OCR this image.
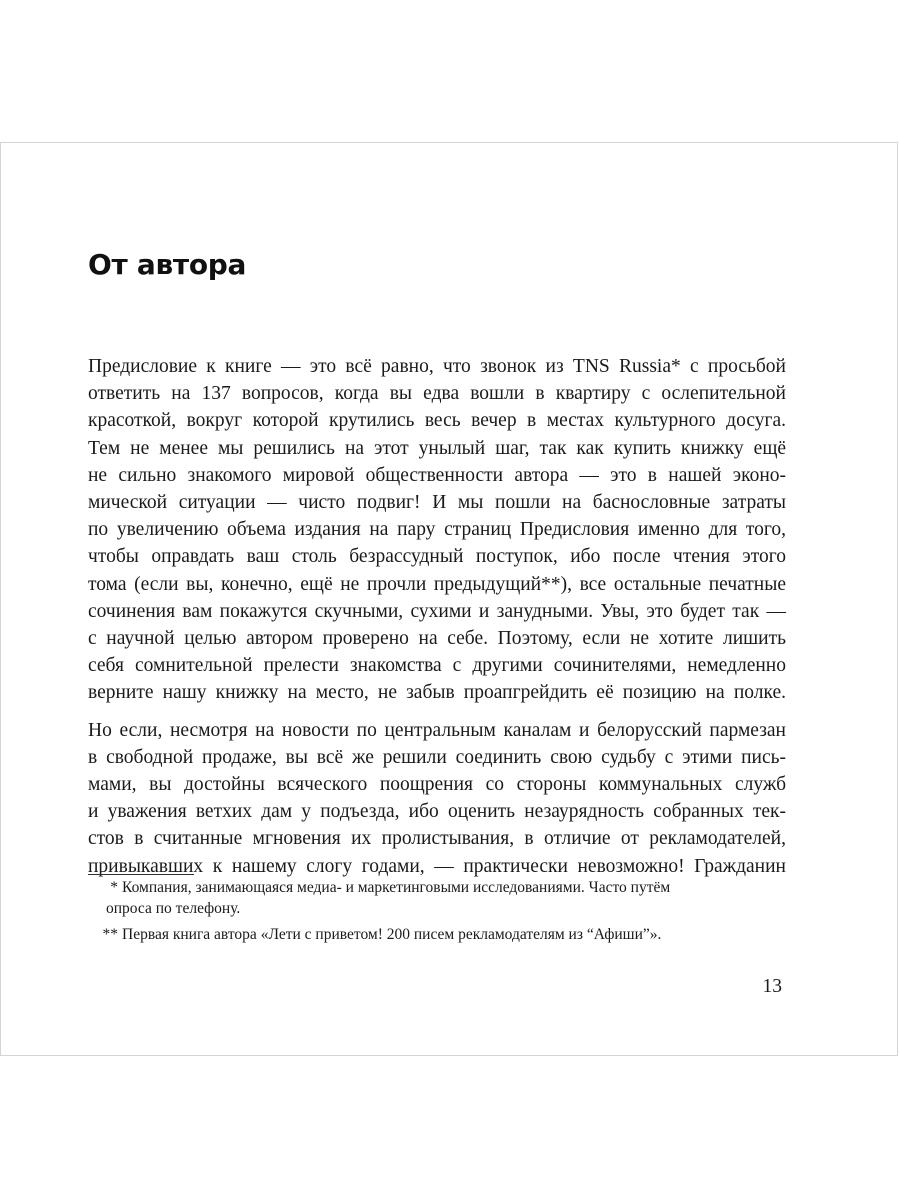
От автора

Предисловие к книге — это всё равно, что звонок из TNS Russia* с просьбой
ответить на 137 вопросов, когда вы едва вошли в квартиру с ослепительной
красоткой, вокруг которой крутились весь вечер в местах культурного досуга.
Тем не менее мы решились на этот унылый шаг, так как купить книжку ещё
не сильно знакомого мировой общественности автора — это в нашей эконо-
мической ситуации — чисто подвиг! И мы пошли на баснословные затраты
по увеличению объема издания на пару страниц Предисловия именно для того,
чтобы оправдать ваш столь безрассудный поступок, ибо после чтения этого
тома (если вы, конечно, ещё не прочли предыдущий**), все остальные печатные
сочинения вам покажутся скучными, сухими и занудными. Увы, это будет так —
с научной целью автором проверено на себе. Поэтому, если не хотите лишить
себя сомнительной прелести знакомства с другими сочинителями, немедленно
верните нашу книжку на место, не забыв проапгрейдить её позицию на полке.

Но если, несмотря на новости по центральным каналам и белорусский пармезан
в свободной продаже, вы всё же решили соединить свою судьбу с этими пись-
мами, вы достойны всяческого поощрения со стороны коммунальных служб
и уважения ветхих дам у подъезда, ибо оценить незаурядность собранных тек-
стов в считанные мгновения их пролистывания, в отличие от рекламодателей,
привыкавших к нашему слогу годами, — практически невозможно! Гражданин

* Компания, занимающаяся медиа- и маркетинговыми исследованиями. Часто путём
опроса по телефону.

** Первая книга автора «Лети с приветом! 200 писем рекламодателям из “Афиши”».

13
